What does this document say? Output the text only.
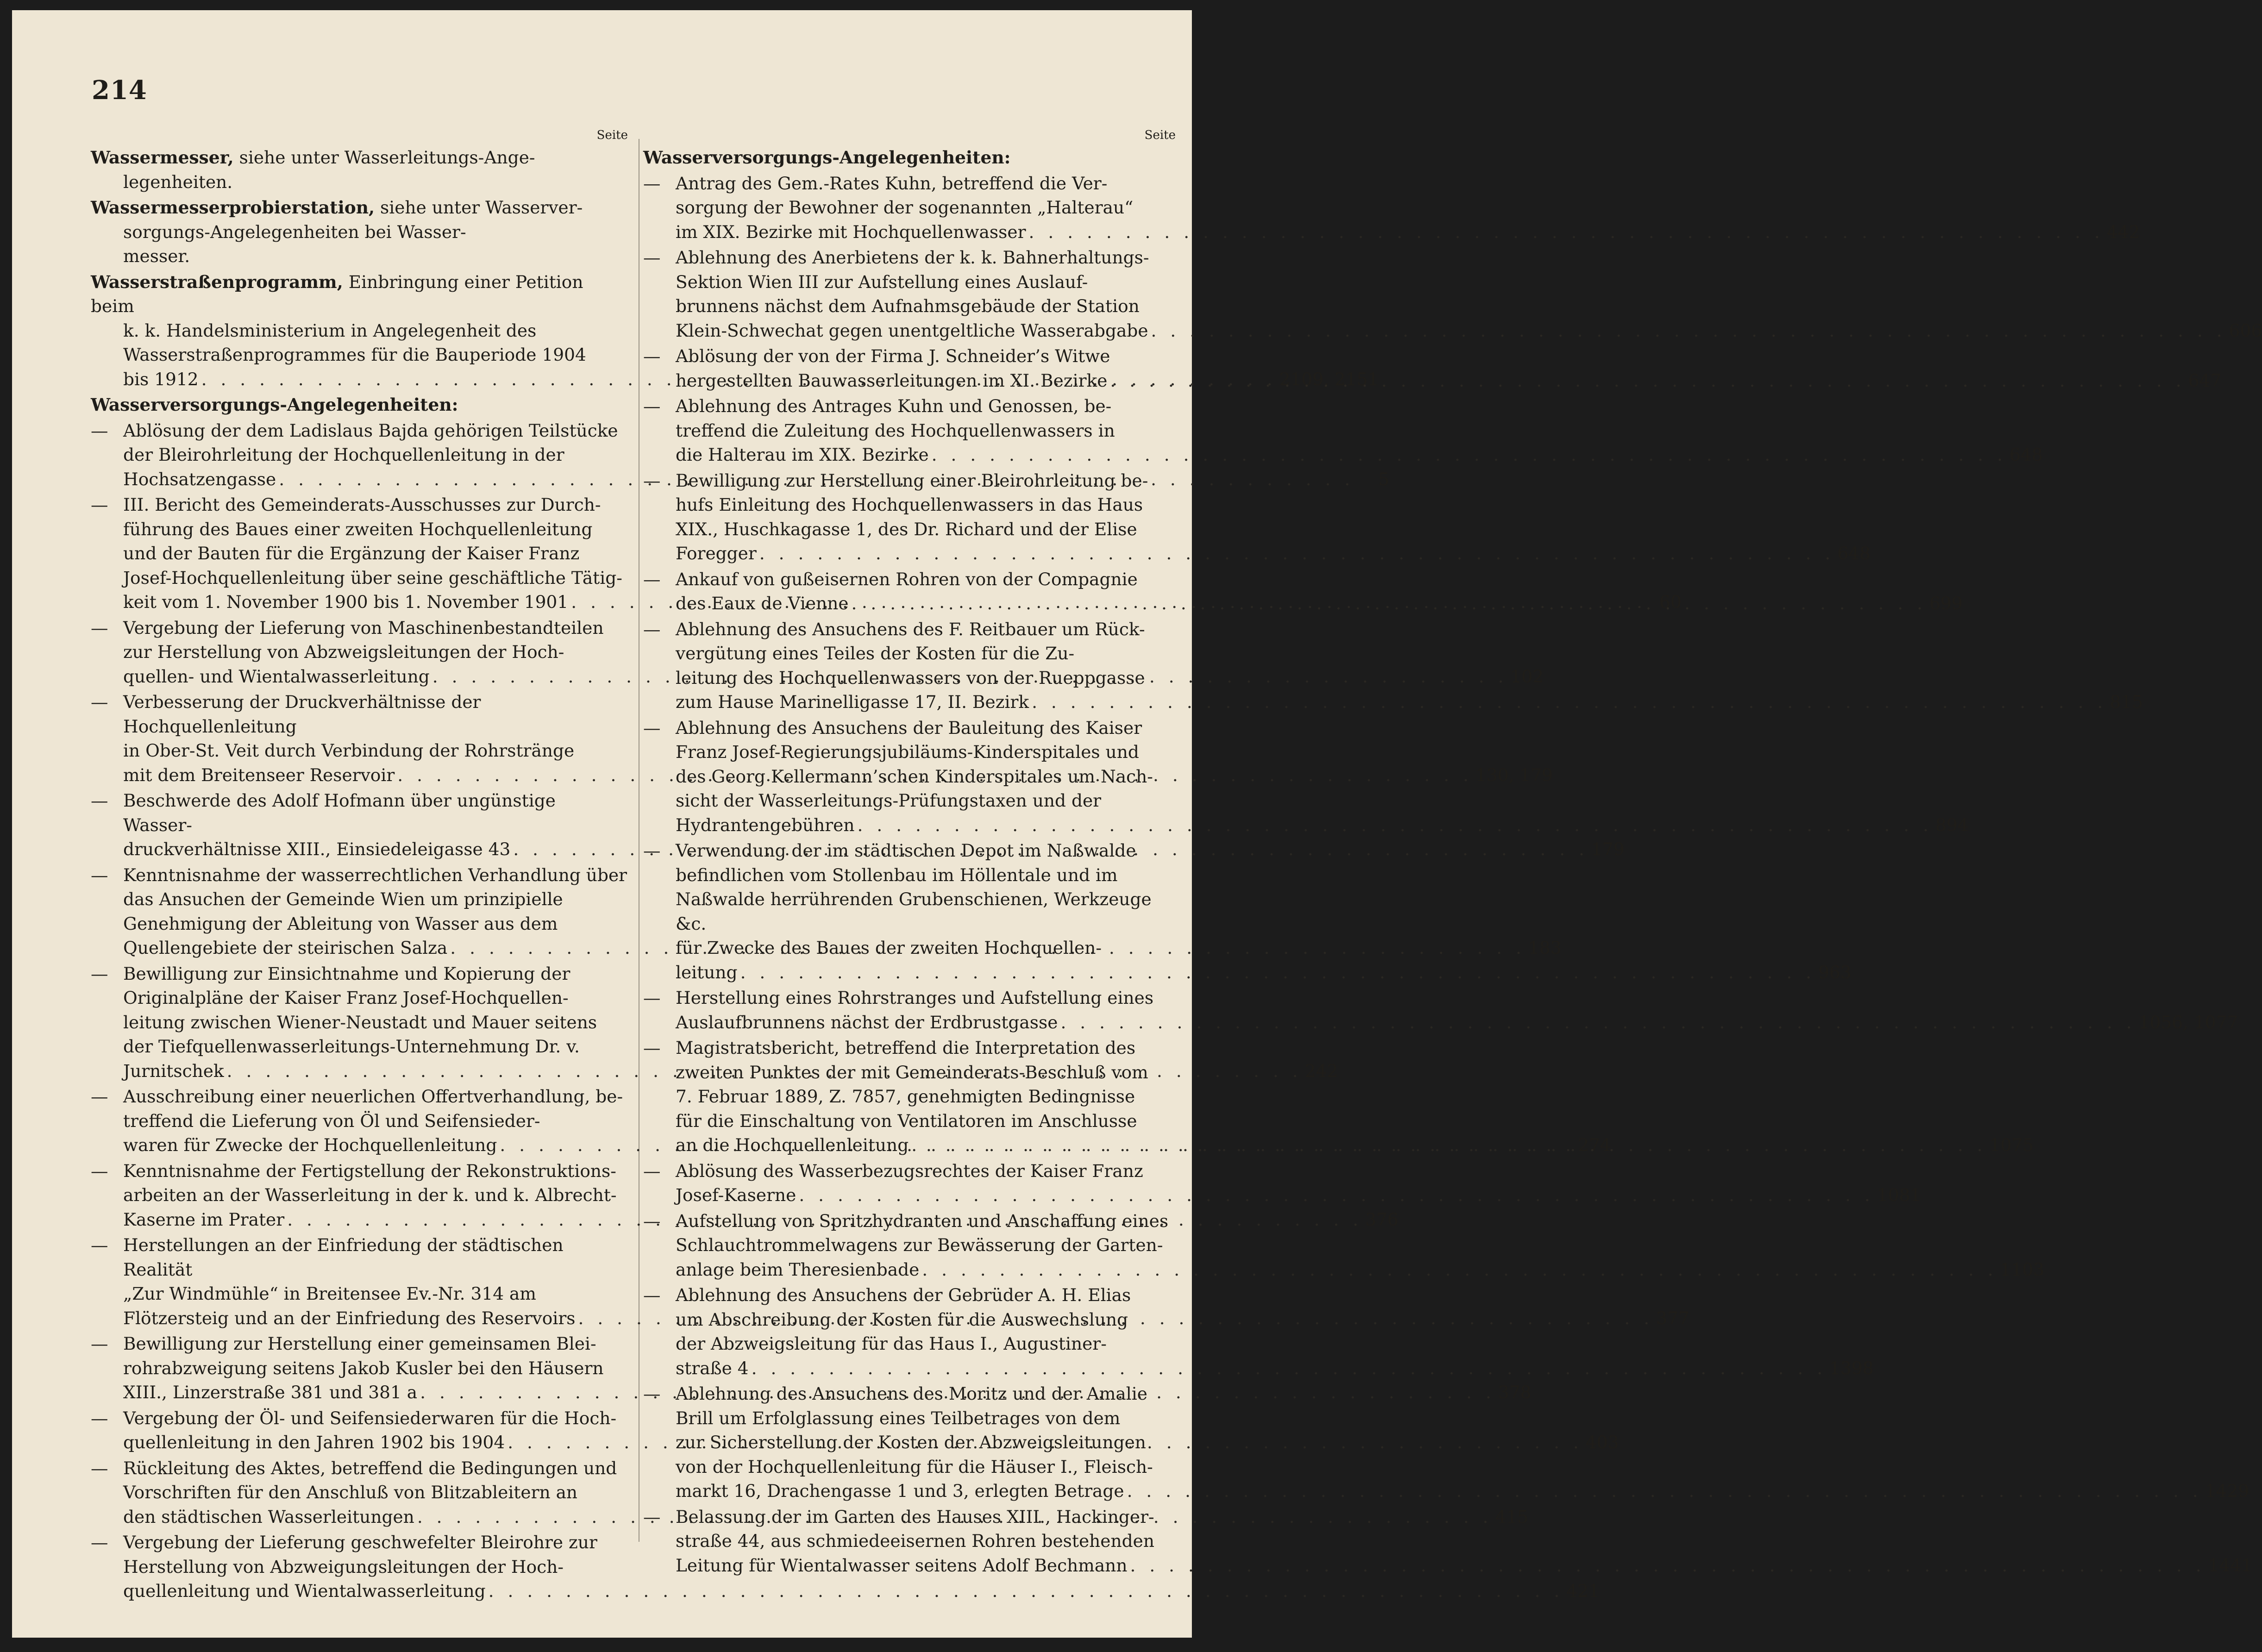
214
Seite
Wassermesser, siehe unter Wasserleitungs-Ange-
legenheiten.
Wassermesserprobierstation, siehe unter Wasserver-
sorgungs-Angelegenheiten bei Wasser-
messer.
Wasserstraßenprogramm, Einbringung einer Petition beim
k. k. Handelsministerium in Angelegenheit des
Wasserstraßenprogrammes für die Bauperiode 1904
bis 1912 . . .	2109, 2151
Wasserversorgungs-Angelegenheiten:
— Ablösung der dem Ladislaus Bajda gehörigen Teilstücke
der Bleirohrleitung der Hochquellenleitung in der
Hochsatzengasse . . .	5
— III. Bericht des Gemeinderats-Ausschusses zur Durch-
führung des Baues einer zweiten Hochquellenleitung
und der Bauten für die Ergänzung der Kaiser Franz
Josef-Hochquellenleitung über seine geschäftliche Tätig-
keit vom 1. November 1900 bis 1. November 1901 . . .	60
— Vergebung der Lieferung von Maschinenbestandteilen
zur Herstellung von Abzweigsleitungen der Hoch-
quellen- und Wientalwasserleitung . . .	102
— Verbesserung der Druckverhältnisse der Hochquellenleitung
in Ober-St. Veit durch Verbindung der Rohrstränge
mit dem Breitenseer Reservoir . . .	130, 179
— Beschwerde des Adolf Hofmann über ungünstige Wasser-
druckverhältnisse XIII., Einsiedeleigasse 43 . . .	179
— Kenntnisnahme der wasserrechtlichen Verhandlung über
das Ansuchen der Gemeinde Wien um prinzipielle
Genehmigung der Ableitung von Wasser aus dem
Quellengebiete der steirischen Salza . . .	183
— Bewilligung zur Einsichtnahme und Kopierung der
Originalpläne der Kaiser Franz Josef-Hochquellen-
leitung zwischen Wiener-Neustadt und Mauer seitens
der Tiefquellenwasserleitungs-Unternehmung Dr. v.
Jurnitschek . . .	242
— Ausschreibung einer neuerlichen Offertverhandlung, be-
treffend die Lieferung von Öl und Seifensieder-
waren für Zwecke der Hochquellenleitung . . .	274
— Kenntnisnahme der Fertigstellung der Rekonstruktions-
arbeiten an der Wasserleitung in der k. und k. Albrecht-
Kaserne im Prater . . .	376
— Herstellungen an der Einfriedung der städtischen Realität
„Zur Windmühle“ in Breitensee Ev.-Nr. 314 am
Flötzersteig und an der Einfriedung des Reservoirs . . .	377
— Bewilligung zur Herstellung einer gemeinsamen Blei-
rohrabzweigung seitens Jakob Kusler bei den Häusern
XIII., Linzerstraße 381 und 381 a . . .	378
— Vergebung der Öl- und Seifensiederwaren für die Hoch-
quellenleitung in den Jahren 1902 bis 1904 . . .	403
— Rückleitung des Aktes, betreffend die Bedingungen und
Vorschriften für den Anschluß von Blitzableitern an
den städtischen Wasserleitungen . . .	415
— Vergebung der Lieferung geschwefelter Bleirohre zur
Herstellung von Abzweigungsleitungen der Hoch-
quellenleitung und Wientalwasserleitung . . .	421
Seite
Wasserversorgungs-Angelegenheiten:
— Antrag des Gem.-Rates Kuhn, betreffend die Ver-
sorgung der Bewohner der sogenannten „Halterau“
im XIX. Bezirke mit Hochquellenwasser . . .	442
— Ablehnung des Anerbietens der k. k. Bahnerhaltungs-
Sektion Wien III zur Aufstellung eines Auslauf-
brunnens nächst dem Aufnahmsgebäude der Station
Klein-Schwechat gegen unentgeltliche Wasserabgabe . . .	606
— Ablösung der von der Firma J. Schneider’s Witwe
hergestellten Bauwasserleitungen im XI. Bezirke . . .	647
— Ablehnung des Antrages Kuhn und Genossen, be-
treffend die Zuleitung des Hochquellenwassers in
die Halterau im XIX. Bezirke . . .	648
— Bewilligung zur Herstellung einer Bleirohrleitung be-
hufs Einleitung des Hochquellenwassers in das Haus
XIX., Huschkagasse 1, des Dr. Richard und der Elise
Foregger . . .	648
— Ankauf von gußeisernen Rohren von der Compagnie
des Eaux de Vienne . . .	699
— Ablehnung des Ansuchens des F. Reitbauer um Rück-
vergütung eines Teiles der Kosten für die Zu-
leitung des Hochquellenwassers von der Rueppgasse
zum Hause Marinelligasse 17, II. Bezirk . . .	815
— Ablehnung des Ansuchens der Bauleitung des Kaiser
Franz Josef-Regierungsjubiläums-Kinderspitales und
des Georg Kellermann’schen Kinderspitales um Nach-
sicht der Wasserleitungs-Prüfungstaxen und der
Hydrantengebühren . . .	894
— Verwendung der im städtischen Depot im Naßwalde
befindlichen vom Stollenbau im Höllentale und im
Naßwalde herrührenden Grubenschienen, Werkzeuge &c.
für Zwecke des Baues der zweiten Hochquellen-
leitung . . .	963
— Herstellung eines Rohrstranges und Aufstellung eines
Auslaufbrunnens nächst der Erdbrustgasse . . .	1056, 1077
— Magistratsbericht, betreffend die Interpretation des
zweiten Punktes der mit Gemeinderats-Beschluß vom
7. Februar 1889, Z. 7857, genehmigten Bedingnisse
für die Einschaltung von Ventilatoren im Anschlusse
an die Hochquellenleitung . . .	1075
— Ablösung des Wasserbezugsrechtes der Kaiser Franz
Josef-Kaserne . . .	1081
— Aufstellung von Spritzhydranten und Anschaffung eines
Schlauchtrommelwagens zur Bewässerung der Garten-
anlage beim Theresienbade . . .	1103
— Ablehnung des Ansuchens der Gebrüder A. H. Elias
um Abschreibung der Kosten für die Auswechslung
der Abzweigsleitung für das Haus I., Augustiner-
straße 4 . . .	1398
— Ablehnung des Ansuchens des Moritz und der Amalie
Brill um Erfolglassung eines Teilbetrages von dem
zur Sicherstellung der Kosten der Abzweigsleitungen
von der Hochquellenleitung für die Häuser I., Fleisch-
markt 16, Drachengasse 1 und 3, erlegten Betrage . . .	1429
— Belassung der im Garten des Hauses XIII., Hackinger-
straße 44, aus schmiedeeisernen Rohren bestehenden
Leitung für Wientalwasser seitens Adolf Bechmann . . .	1441
